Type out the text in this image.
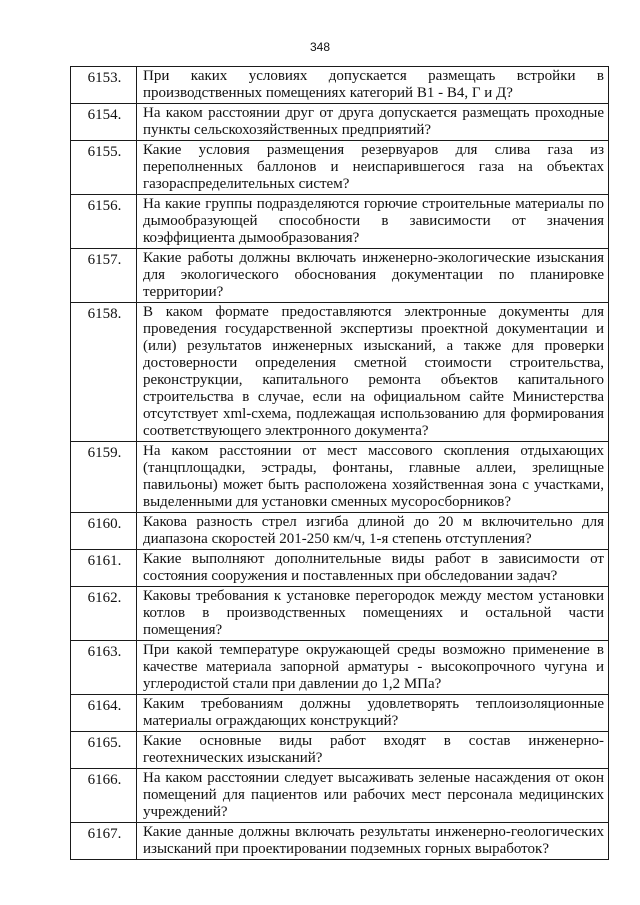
348
6153.	При каких условиях допускается размещать встройки в производственных помещениях категорий В1 - В4, Г и Д?
6154.	На каком расстоянии друг от друга допускается размещать проходные пункты сельскохозяйственных предприятий?
6155.	Какие условия размещения резервуаров для слива газа из переполненных баллонов и неиспарившегося газа на объектах газораспределительных систем?
6156.	На какие группы подразделяются горючие строительные материалы по дымообразующей способности в зависимости от значения коэффициента дымообразования?
6157.	Какие работы должны включать инженерно-экологические изыскания для экологического обоснования документации по планировке территории?
6158.	В каком формате предоставляются электронные документы для проведения государственной экспертизы проектной документации и (или) результатов инженерных изысканий, а также для проверки достоверности определения сметной стоимости строительства, реконструкции, капитального ремонта объектов капитального строительства в случае, если на официальном сайте Министерства отсутствует xml-схема, подлежащая использованию для формирования соответствующего электронного документа?
6159.	На каком расстоянии от мест массового скопления отдыхающих (танцплощадки, эстрады, фонтаны, главные аллеи, зрелищные павильоны) может быть расположена хозяйственная зона с участками, выделенными для установки сменных мусоросборников?
6160.	Какова разность стрел изгиба длиной до 20 м включительно для диапазона скоростей 201-250 км/ч, 1-я степень отступления?
6161.	Какие выполняют дополнительные виды работ в зависимости от состояния сооружения и поставленных при обследовании задач?
6162.	Каковы требования к установке перегородок между местом установки котлов в производственных помещениях и остальной части помещения?
6163.	При какой температуре окружающей среды возможно применение в качестве материала запорной арматуры - высокопрочного чугуна и углеродистой стали при давлении до 1,2 МПа?
6164.	Каким требованиям должны удовлетворять теплоизоляционные материалы ограждающих конструкций?
6165.	Какие основные виды работ входят в состав инженерно-геотехнических изысканий?
6166.	На каком расстоянии следует высаживать зеленые насаждения от окон помещений для пациентов или рабочих мест персонала медицинских учреждений?
6167.	Какие данные должны включать результаты инженерно-геологических изысканий при проектировании подземных горных выработок?
